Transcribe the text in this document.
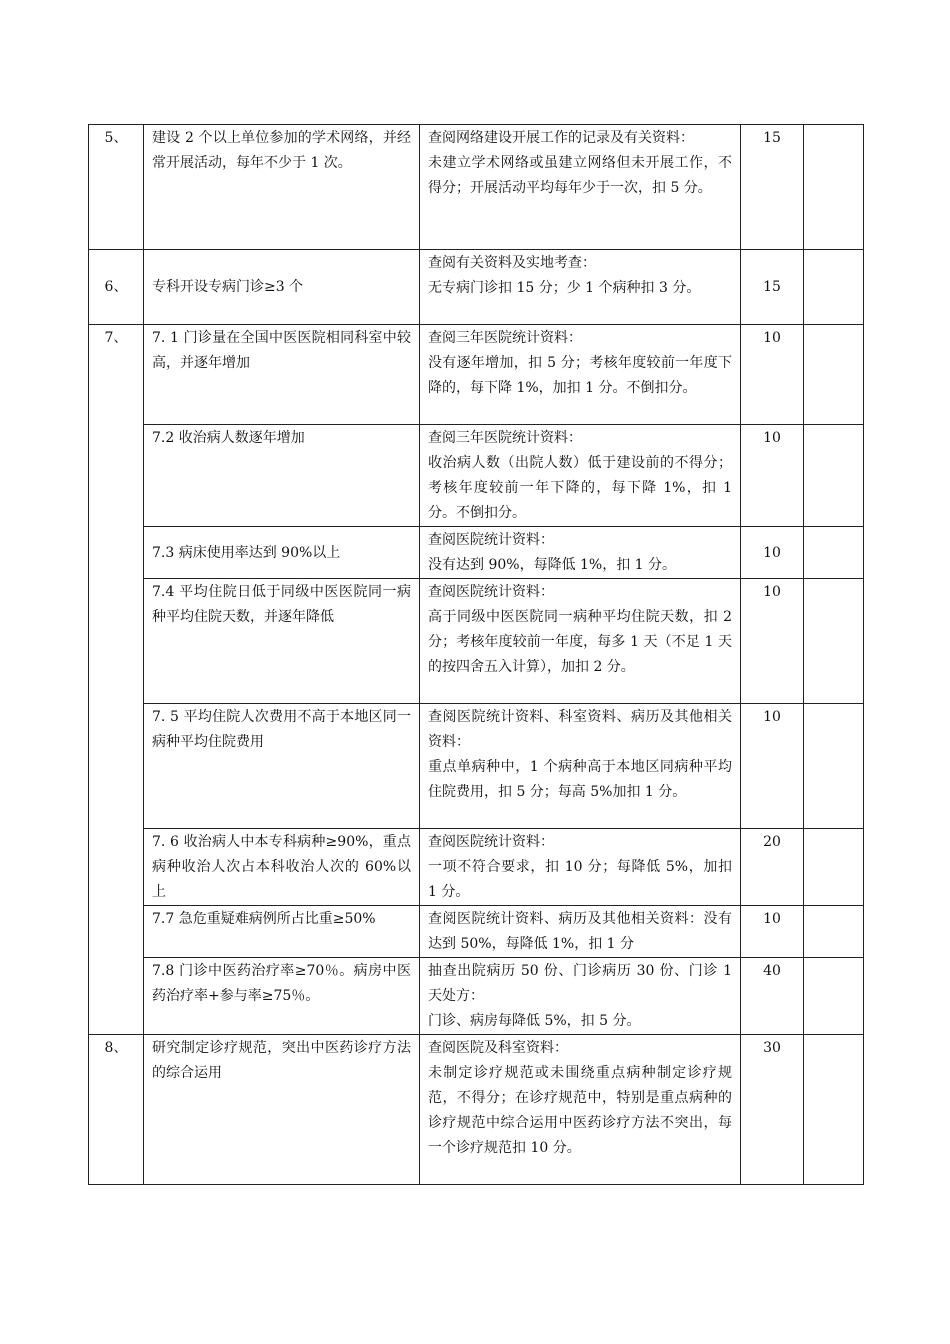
5、	建设 2 个以上单位参加的学术网络，并经常开展活动，每年不少于 1 次。	查阅网络建设开展工作的记录及有关资料：
未建立学术网络或虽建立网络但未开展工作，不得分；开展活动平均每年少于一次，扣 5 分。	15	
6、	专科开设专病门诊≥3 个	查阅有关资料及实地考查：
无专病门诊扣 15 分；少 1 个病种扣 3 分。	15	
7、	7. 1 门诊量在全国中医医院相同科室中较高，并逐年增加	查阅三年医院统计资料：
没有逐年增加，扣 5 分；考核年度较前一年度下降的，每下降 1%，加扣 1 分。不倒扣分。	10	
	7.2 收治病人数逐年增加	查阅三年医院统计资料：
收治病人数（出院人数）低于建设前的不得分；考核年度较前一年下降的，每下降 1%，扣 1 分。不倒扣分。	10	
	7.3 病床使用率达到 90%以上	查阅医院统计资料：
没有达到 90%，每降低 1%，扣 1 分。	10	
	7.4 平均住院日低于同级中医医院同一病种平均住院天数，并逐年降低	查阅医院统计资料：
高于同级中医医院同一病种平均住院天数，扣 2 分；考核年度较前一年度，每多 1 天（不足 1 天的按四舍五入计算），加扣 2 分。	10	
	7. 5 平均住院人次费用不高于本地区同一病种平均住院费用	查阅医院统计资料、科室资料、病历及其他相关资料：
重点单病种中，1 个病种高于本地区同病种平均住院费用，扣 5 分；每高 5%加扣 1 分。	10	
	7. 6 收治病人中本专科病种≥90%，重点病种收治人次占本科收治人次的 60%以上	查阅医院统计资料：
一项不符合要求，扣 10 分；每降低 5%，加扣 1 分。	20	
	7.7 急危重疑难病例所占比重≥50%	查阅医院统计资料、病历及其他相关资料：没有达到 50%，每降低 1%，扣 1 分	10	
	7.8 门诊中医药治疗率≥70％。病房中医药治疗率+参与率≥75％。	抽查出院病历 50 份、门诊病历 30 份、门诊 1 天处方：
门诊、病房每降低 5%，扣 5 分。	40	
8、	研究制定诊疗规范，突出中医药诊疗方法的综合运用	查阅医院及科室资料：
未制定诊疗规范或未围绕重点病种制定诊疗规范，不得分；在诊疗规范中，特别是重点病种的诊疗规范中综合运用中医药诊疗方法不突出，每一个诊疗规范扣 10 分。	30	
